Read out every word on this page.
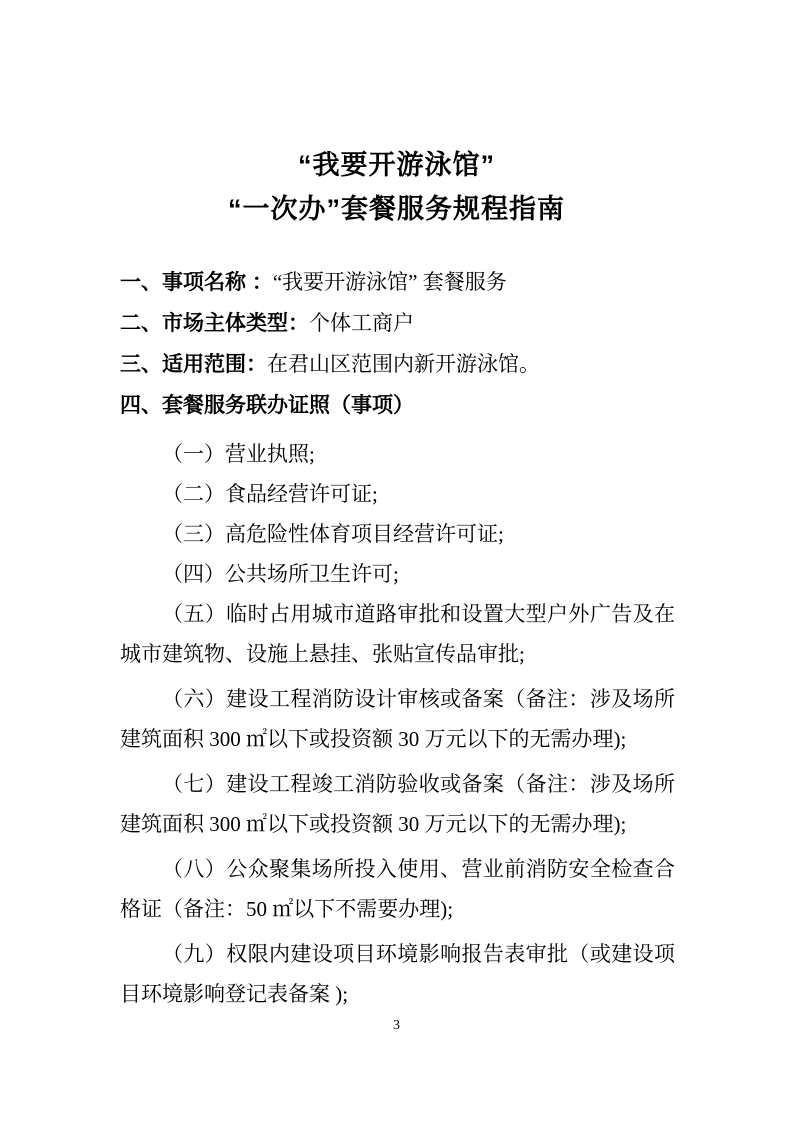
“我要开游泳馆”
“一次办”套餐服务规程指南

一、事项名称 ：“我要开游泳馆” 套餐服务

二、市场主体类型：个体工商户

三、适用范围：在君山区范围内新开游泳馆。

四、套餐服务联办证照（事项）

（一）营业执照;

（二）食品经营许可证;

（三）高危险性体育项目经营许可证;

（四）公共场所卫生许可;

（五）临时占用城市道路审批和设置大型户外广告及在城市建筑物、设施上悬挂、张贴宣传品审批;

（六）建设工程消防设计审核或备案（备注：涉及场所建筑面积 300 ㎡以下或投资额 30 万元以下的无需办理);

（七）建设工程竣工消防验收或备案（备注：涉及场所建筑面积 300 ㎡以下或投资额 30 万元以下的无需办理);

（八）公众聚集场所投入使用、营业前消防安全检查合格证（备注：50 ㎡以下不需要办理);

（九）权限内建设项目环境影响报告表审批（或建设项目环境影响登记表备案 );

3
